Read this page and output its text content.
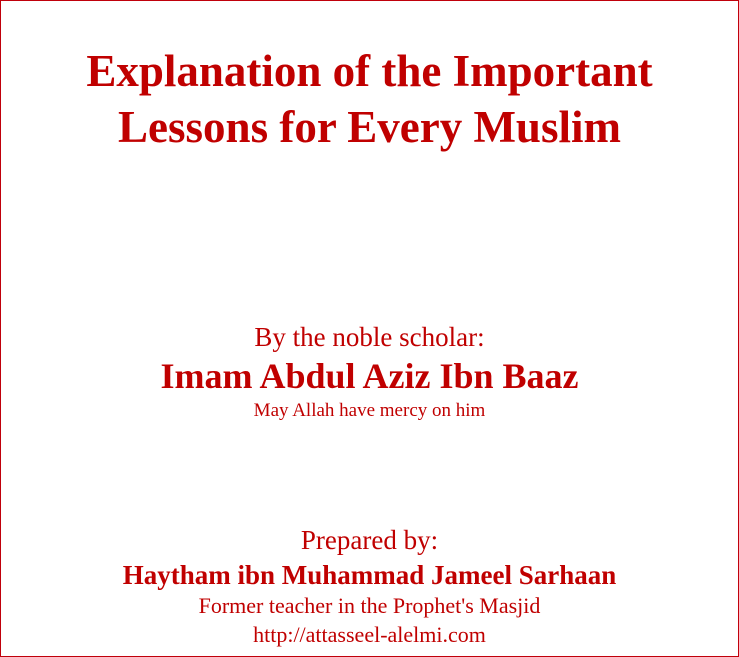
Explanation of the Important
Lessons for Every Muslim
By the noble scholar:
Imam Abdul Aziz Ibn Baaz
May Allah have mercy on him
Prepared by:
Haytham ibn Muhammad Jameel Sarhaan
Former teacher in the Prophet's Masjid
http://attasseel-alelmi.com
